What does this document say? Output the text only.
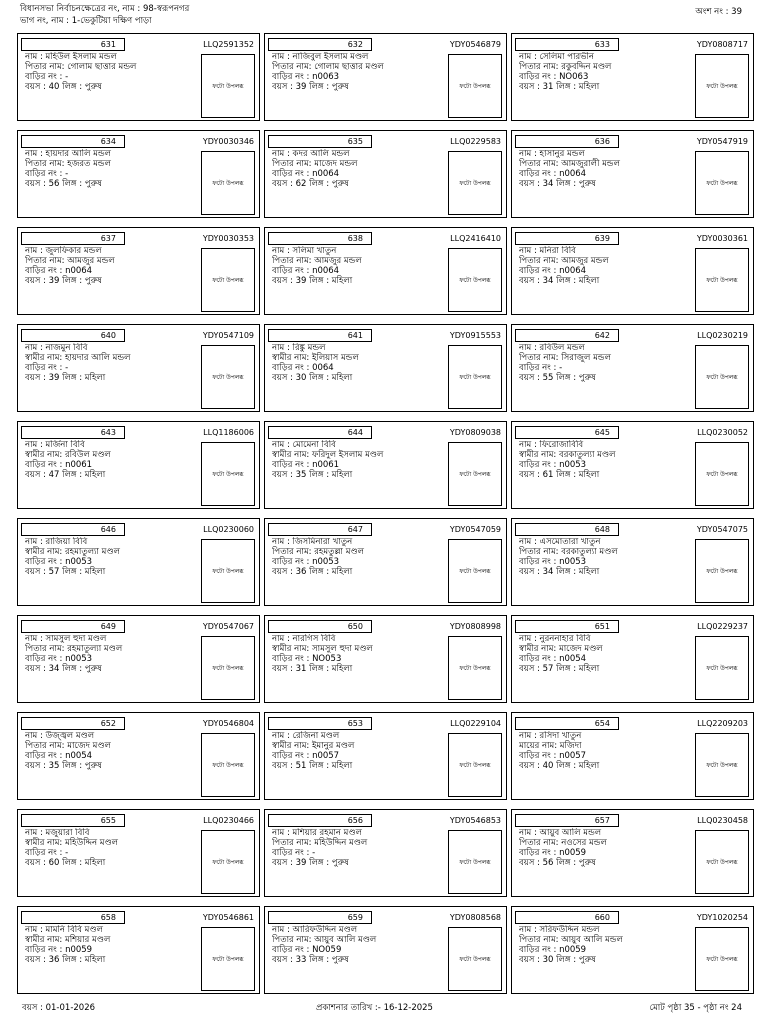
বিধানসভা নির্বাচনক্ষেত্রের নং, নাম : 98-স্বরূপনগর
ভাগ নং, নাম : 1-ভেকুটিয়া দক্ষিণ পাড়া
অংশ নং : 39
631	LLQ2591352
নাম : মহিউল ইসলাম মন্ডল
পিতার নাম: গোলাম ছাত্তার মন্ডল
বাড়ির নং : -
বয়স : 40 লিঙ্গ : পুরুষ	ফটো উপলব্ধ
632	YDY0546879
নাম : নাজিবুল ইসলাম মণ্ডল
পিতার নাম: গোলাম ছাত্তার মণ্ডল
বাড়ির নং : n0063
বয়স : 39 লিঙ্গ : পুরুষ	ফটো উপলব্ধ
633	YDY0808717
নাম : সেলিমা পারভীন
পিতার নাম: রকুবদ্দিন মণ্ডল
বাড়ির নং : NO063
বয়স : 31 লিঙ্গ : মহিলা	ফটো উপলব্ধ
634	YDY0030346
নাম : হায়দার আলি মন্ডল
পিতার নাম: হজরত মন্ডল
বাড়ির নং : -
বয়স : 56 লিঙ্গ : পুরুষ	ফটো উপলব্ধ
635	LLQ0229583
নাম : কদর আলি মন্ডল
পিতার নাম: মাজেদ মন্ডল
বাড়ির নং : n0064
বয়স : 62 লিঙ্গ : পুরুষ	ফটো উপলব্ধ
636	YDY0547919
নাম : হাসানুর মন্ডল
পিতার নাম: আমজুরালী মন্ডল
বাড়ির নং : n0064
বয়স : 34 লিঙ্গ : পুরুষ	ফটো উপলব্ধ
637	YDY0030353
নাম : জুলফিকার মন্ডল
পিতার নাম: আমজুর মন্ডল
বাড়ির নং : n0064
বয়স : 39 লিঙ্গ : পুরুষ	ফটো উপলব্ধ
638	LLQ2416410
নাম : সলিমা খাতুন
পিতার নাম: আমজুর মন্ডল
বাড়ির নং : n0064
বয়স : 39 লিঙ্গ : মহিলা	ফটো উপলব্ধ
639	YDY0030361
নাম : মনিরা বিবি
পিতার নাম: আমজুর মন্ডল
বাড়ির নং : n0064
বয়স : 34 লিঙ্গ : মহিলা	ফটো উপলব্ধ
640	YDY0547109
নাম : নাজমুন বিবি
স্বামীর নাম: হায়দার আলি মন্ডল
বাড়ির নং : -
বয়স : 39 লিঙ্গ : মহিলা	ফটো উপলব্ধ
641	YDY0915553
নাম : রিঙ্কু মন্ডল
স্বামীর নাম: ইলিয়াস মন্ডল
বাড়ির নং : 0064
বয়স : 30 লিঙ্গ : মহিলা	ফটো উপলব্ধ
642	LLQ0230219
নাম : রবিউল মন্ডল
পিতার নাম: সিরাজুল মন্ডল
বাড়ির নং : -
বয়স : 55 লিঙ্গ : পুরুষ	ফটো উপলব্ধ
643	LLQ1186006
নাম : মর্জিনা বিবি
স্বামীর নাম: রবিউল মণ্ডল
বাড়ির নং : n0061
বয়স : 47 লিঙ্গ : মহিলা	ফটো উপলব্ধ
644	YDY0809038
নাম : মোমেনা বিবি
স্বামীর নাম: ফরিদুল ইসলাম মণ্ডল
বাড়ির নং : n0061
বয়স : 35 লিঙ্গ : মহিলা	ফটো উপলব্ধ
645	LLQ0230052
নাম : ফিরোজাবিবি
স্বামীর নাম: বরকাতুল্যা মণ্ডল
বাড়ির নং : n0053
বয়স : 61 লিঙ্গ : মহিলা	ফটো উপলব্ধ
646	LLQ0230060
নাম : রাজিয়া বিবি
স্বামীর নাম: রহমাতুল্যা মণ্ডল
বাড়ির নং : n0053
বয়স : 57 লিঙ্গ : মহিলা	ফটো উপলব্ধ
647	YDY0547059
নাম : জিসমিনারা খাতুন
পিতার নাম: রহমতুল্লা মণ্ডল
বাড়ির নং : n0053
বয়স : 36 লিঙ্গ : মহিলা	ফটো উপলব্ধ
648	YDY0547075
নাম : এসমোতারা খাতুন
পিতার নাম: বরকাতুল্যা মণ্ডল
বাড়ির নং : n0053
বয়স : 34 লিঙ্গ : মহিলা	ফটো উপলব্ধ
649	YDY0547067
নাম : সামসুল হুদা মণ্ডল
পিতার নাম: রহমাতুল্যা মণ্ডল
বাড়ির নং : n0053
বয়স : 34 লিঙ্গ : পুরুষ	ফটো উপলব্ধ
650	YDY0808998
নাম : নারগিস বিবি
স্বামীর নাম: সামসুল হুদা মণ্ডল
বাড়ির নং : NO053
বয়স : 31 লিঙ্গ : মহিলা	ফটো উপলব্ধ
651	LLQ0229237
নাম : নুরননাহার বিবি
স্বামীর নাম: মাজেদ মণ্ডল
বাড়ির নং : n0054
বয়স : 57 লিঙ্গ : মহিলা	ফটো উপলব্ধ
652	YDY0546804
নাম : উজ্জ্বল মণ্ডল
পিতার নাম: মাজেদ মণ্ডল
বাড়ির নং : n0054
বয়স : 35 লিঙ্গ : পুরুষ	ফটো উপলব্ধ
653	LLQ0229104
নাম : রেজিনা মণ্ডল
স্বামীর নাম: ইমানুর মণ্ডল
বাড়ির নং : n0057
বয়স : 51 লিঙ্গ : মহিলা	ফটো উপলব্ধ
654	LLQ2209203
নাম : রসিদা খাতুন
মায়ের নাম: মজিদা
বাড়ির নং : n0057
বয়স : 40 লিঙ্গ : মহিলা	ফটো উপলব্ধ
655	LLQ0230466
নাম : মজুয়ারা বিবি
স্বামীর নাম: মহিউদ্দিন মণ্ডল
বাড়ির নং : -
বয়স : 60 লিঙ্গ : মহিলা	ফটো উপলব্ধ
656	YDY0546853
নাম : মশিয়ার রহমান মণ্ডল
পিতার নাম: মহিউদ্দিন মণ্ডল
বাড়ির নং : -
বয়স : 39 লিঙ্গ : পুরুষ	ফটো উপলব্ধ
657	LLQ0230458
নাম : আয়ুব আলি মন্ডল
পিতার নাম: নওসের মন্ডল
বাড়ির নং : n0059
বয়স : 56 লিঙ্গ : পুরুষ	ফটো উপলব্ধ
658	YDY0546861
নাম : মামনি বিবি মণ্ডল
স্বামীর নাম: মশিয়ার মণ্ডল
বাড়ির নং : n0059
বয়স : 36 লিঙ্গ : মহিলা	ফটো উপলব্ধ
659	YDY0808568
নাম : আরিফউদ্দিন মণ্ডল
পিতার নাম: আয়ুব আলি মণ্ডল
বাড়ির নং : NO059
বয়স : 33 লিঙ্গ : পুরুষ	ফটো উপলব্ধ
660	YDY1020254
নাম : সরিফউদ্দিন মন্ডল
পিতার নাম: আয়ুব আলি মন্ডল
বাড়ির নং : n0059
বয়স : 30 লিঙ্গ : পুরুষ	ফটো উপলব্ধ
বয়স : 01-01-2026	প্রকাশনার তারিখ :- 16-12-2025	মোট পৃষ্ঠা 35 - পৃষ্ঠা নং 24
